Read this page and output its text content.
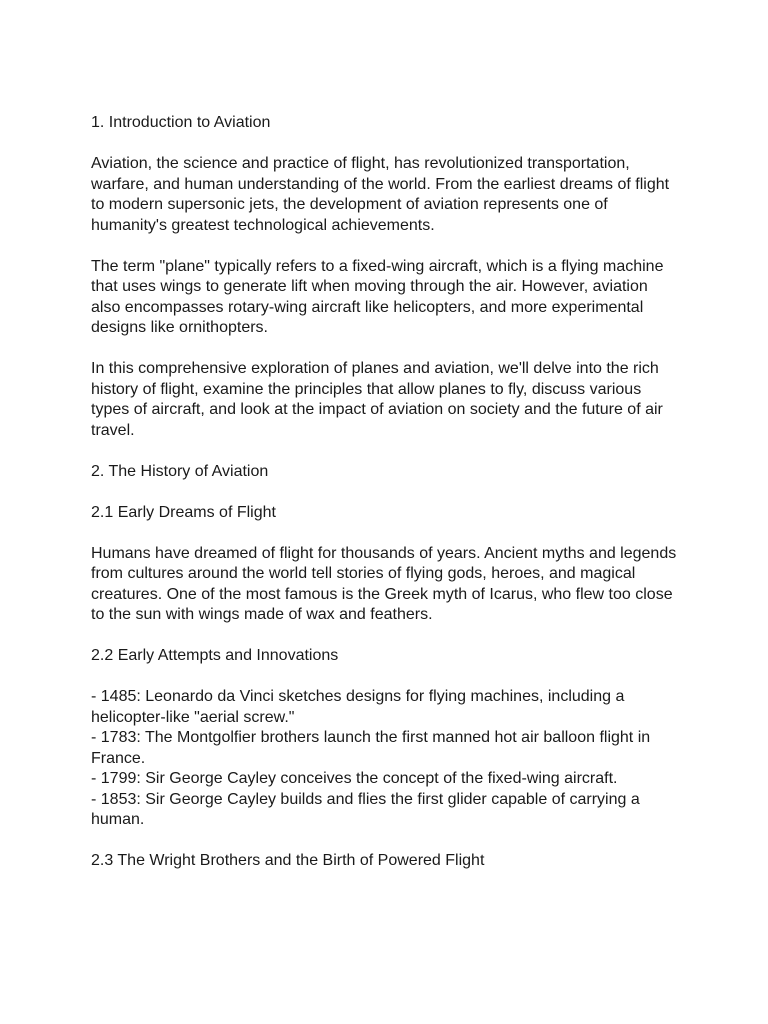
1. Introduction to Aviation

Aviation, the science and practice of flight, has revolutionized transportation, warfare, and human understanding of the world. From the earliest dreams of flight to modern supersonic jets, the development of aviation represents one of humanity's greatest technological achievements.

The term "plane" typically refers to a fixed-wing aircraft, which is a flying machine that uses wings to generate lift when moving through the air. However, aviation also encompasses rotary-wing aircraft like helicopters, and more experimental designs like ornithopters.

In this comprehensive exploration of planes and aviation, we'll delve into the rich history of flight, examine the principles that allow planes to fly, discuss various types of aircraft, and look at the impact of aviation on society and the future of air travel.

2. The History of Aviation
2.1 Early Dreams of Flight

Humans have dreamed of flight for thousands of years. Ancient myths and legends from cultures around the world tell stories of flying gods, heroes, and magical creatures. One of the most famous is the Greek myth of Icarus, who flew too close to the sun with wings made of wax and feathers.

2.2 Early Attempts and Innovations
- 1485: Leonardo da Vinci sketches designs for flying machines, including a helicopter-like "aerial screw."
- 1783: The Montgolfier brothers launch the first manned hot air balloon flight in France.
- 1799: Sir George Cayley conceives the concept of the fixed-wing aircraft.
- 1853: Sir George Cayley builds and flies the first glider capable of carrying a human.
2.3 The Wright Brothers and the Birth of Powered Flight
